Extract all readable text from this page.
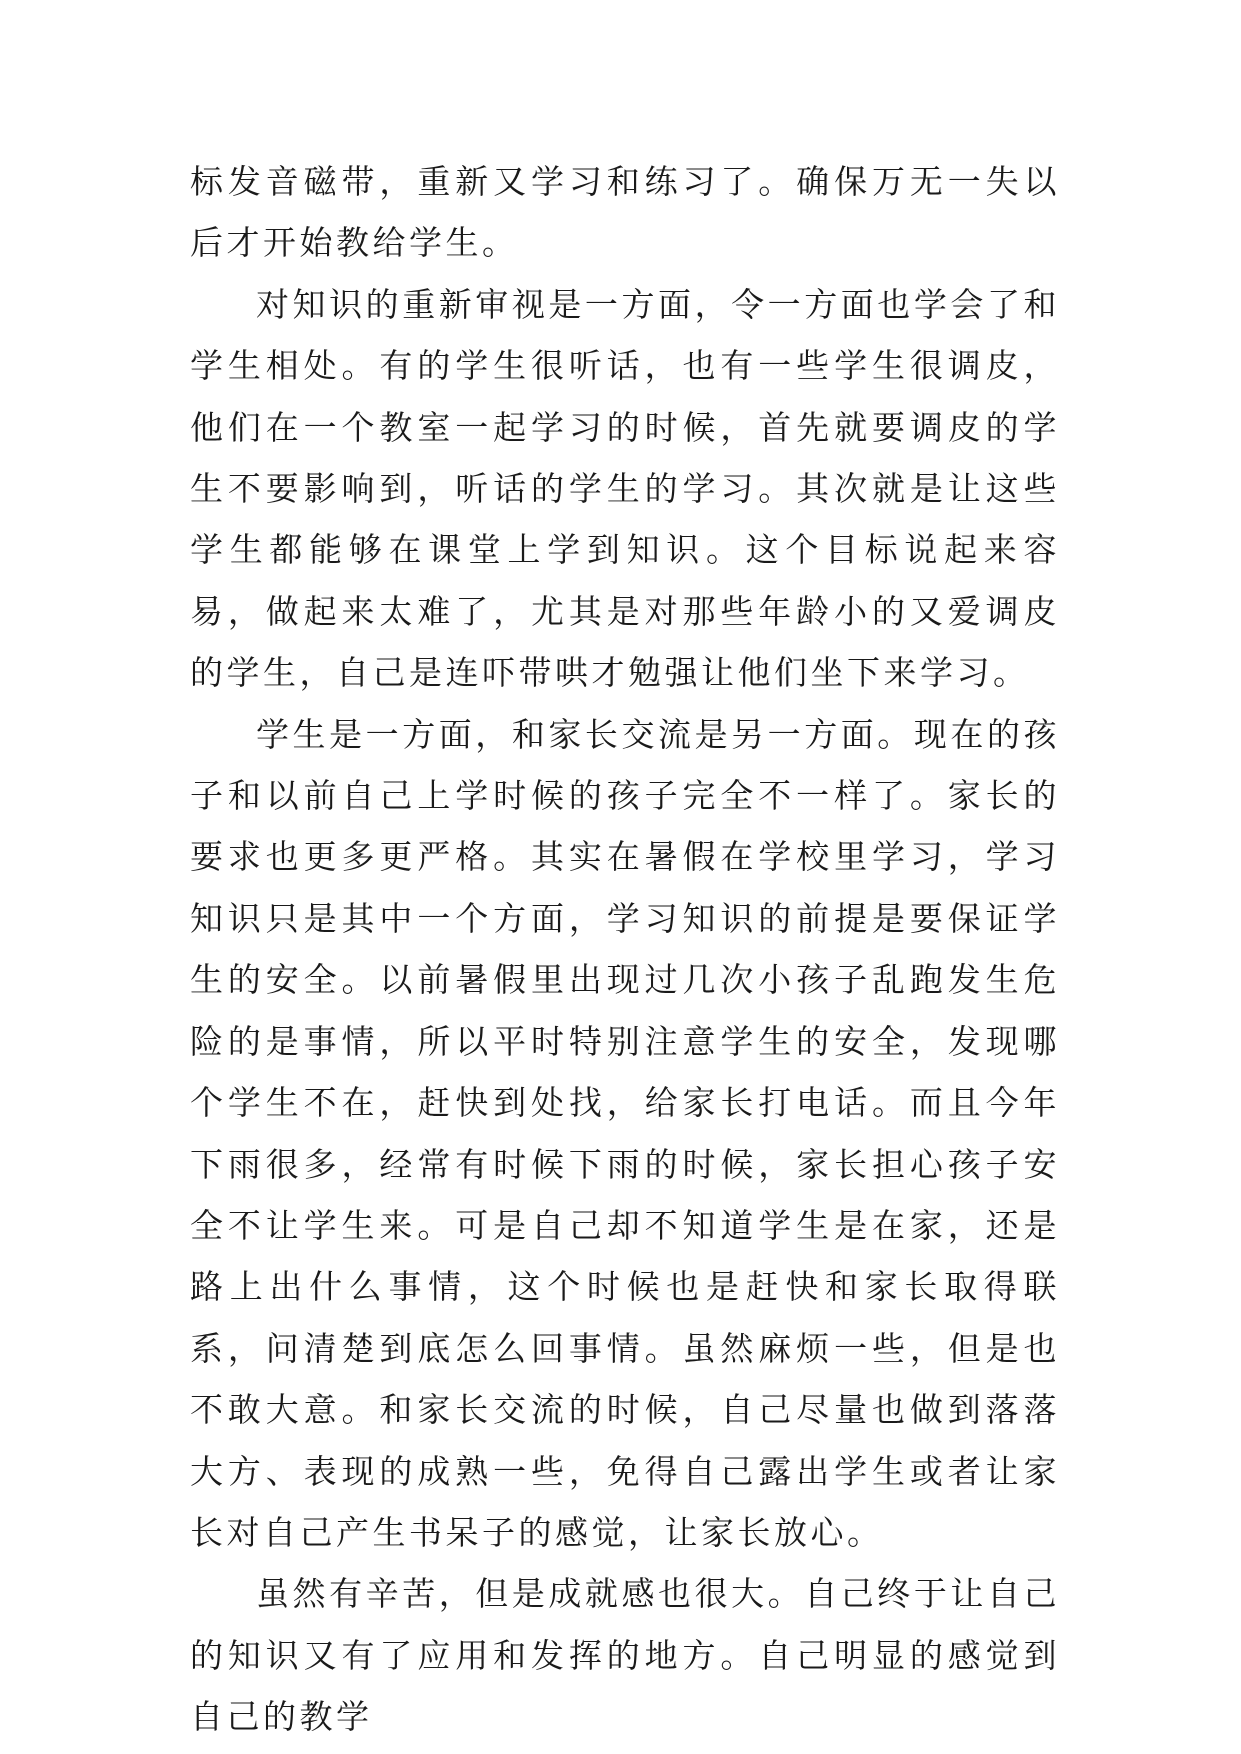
标发音磁带，重新又学习和练习了。确保万无一失以后才开始教给学生。

对知识的重新审视是一方面，令一方面也学会了和学生相处。有的学生很听话，也有一些学生很调皮，他们在一个教室一起学习的时候，首先就要调皮的学生不要影响到，听话的学生的学习。其次就是让这些学生都能够在课堂上学到知识。这个目标说起来容易，做起来太难了，尤其是对那些年龄小的又爱调皮的学生，自己是连吓带哄才勉强让他们坐下来学习。

学生是一方面，和家长交流是另一方面。现在的孩子和以前自己上学时候的孩子完全不一样了。家长的要求也更多更严格。其实在暑假在学校里学习，学习知识只是其中一个方面，学习知识的前提是要保证学生的安全。以前暑假里出现过几次小孩子乱跑发生危险的是事情，所以平时特别注意学生的安全，发现哪个学生不在，赶快到处找，给家长打电话。而且今年下雨很多，经常有时候下雨的时候，家长担心孩子安全不让学生来。可是自己却不知道学生是在家，还是路上出什么事情，这个时候也是赶快和家长取得联系，问清楚到底怎么回事情。虽然麻烦一些，但是也不敢大意。和家长交流的时候，自己尽量也做到落落大方、表现的成熟一些，免得自己露出学生或者让家长对自己产生书呆子的感觉，让家长放心。

虽然有辛苦，但是成就感也很大。自己终于让自己的知识又有了应用和发挥的地方。自己明显的感觉到自己的教学
